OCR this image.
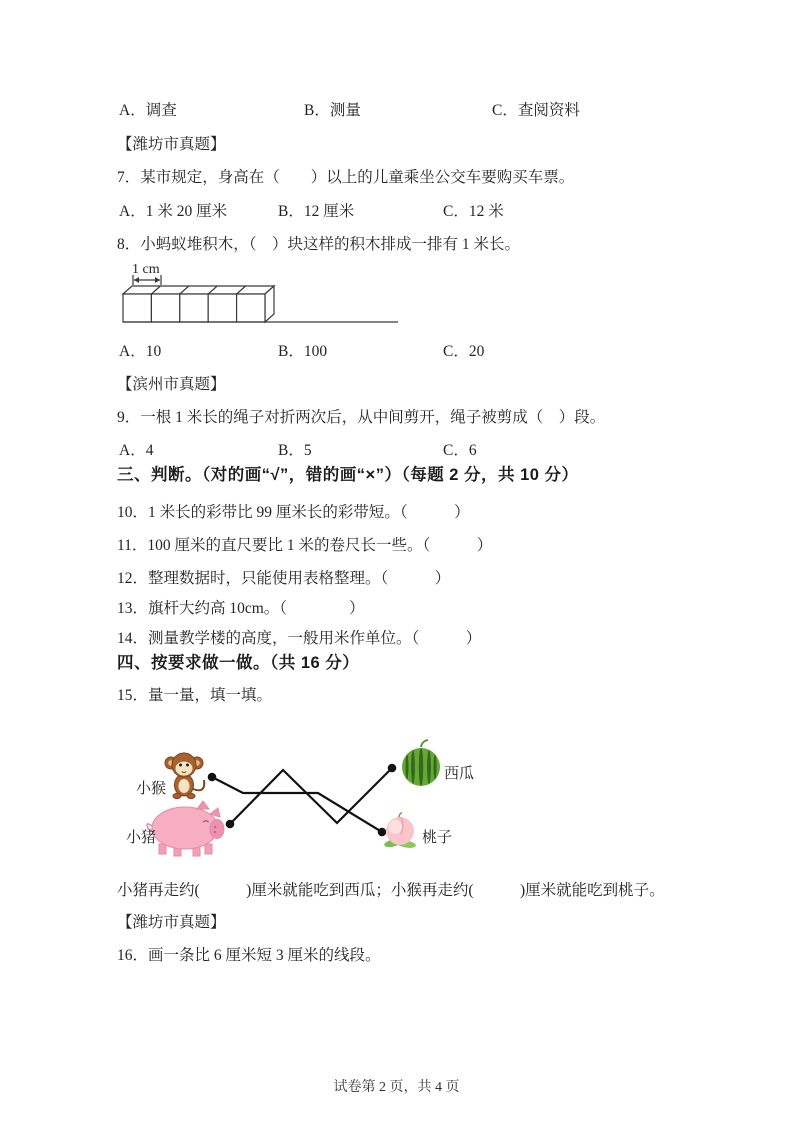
A．调查	B．测量	C．查阅资料
【潍坊市真题】
7．某市规定，身高在（　　）以上的儿童乘坐公交车要购买车票。
A．1 米 20 厘米	B．12 厘米	C．12 米
8．小蚂蚁堆积木，（　）块这样的积木排成一排有 1 米长。
1 cm
A．10	B．100	C．20
【滨州市真题】
9．一根 1 米长的绳子对折两次后，从中间剪开，绳子被剪成（　）段。
A．4	B．5	C．6
三、判断。（对的画“√”，错的画“×”）（每题 2 分，共 10 分）
10．1 米长的彩带比 99 厘米长的彩带短。（　　　）
11．100 厘米的直尺要比 1 米的卷尺长一些。（　　　）
12．整理数据时，只能使用表格整理。（　　　）
13．旗杆大约高 10cm。（　　　　）
14．测量教学楼的高度，一般用米作单位。（　　　）
四、按要求做一做。（共 16 分）
15．量一量，填一填。
小猴
小猪
西瓜
桃子
小猪再走约(　　　)厘米就能吃到西瓜；小猴再走约(　　　)厘米就能吃到桃子。
【潍坊市真题】
16．画一条比 6 厘米短 3 厘米的线段。
试卷第 2 页，共 4 页
